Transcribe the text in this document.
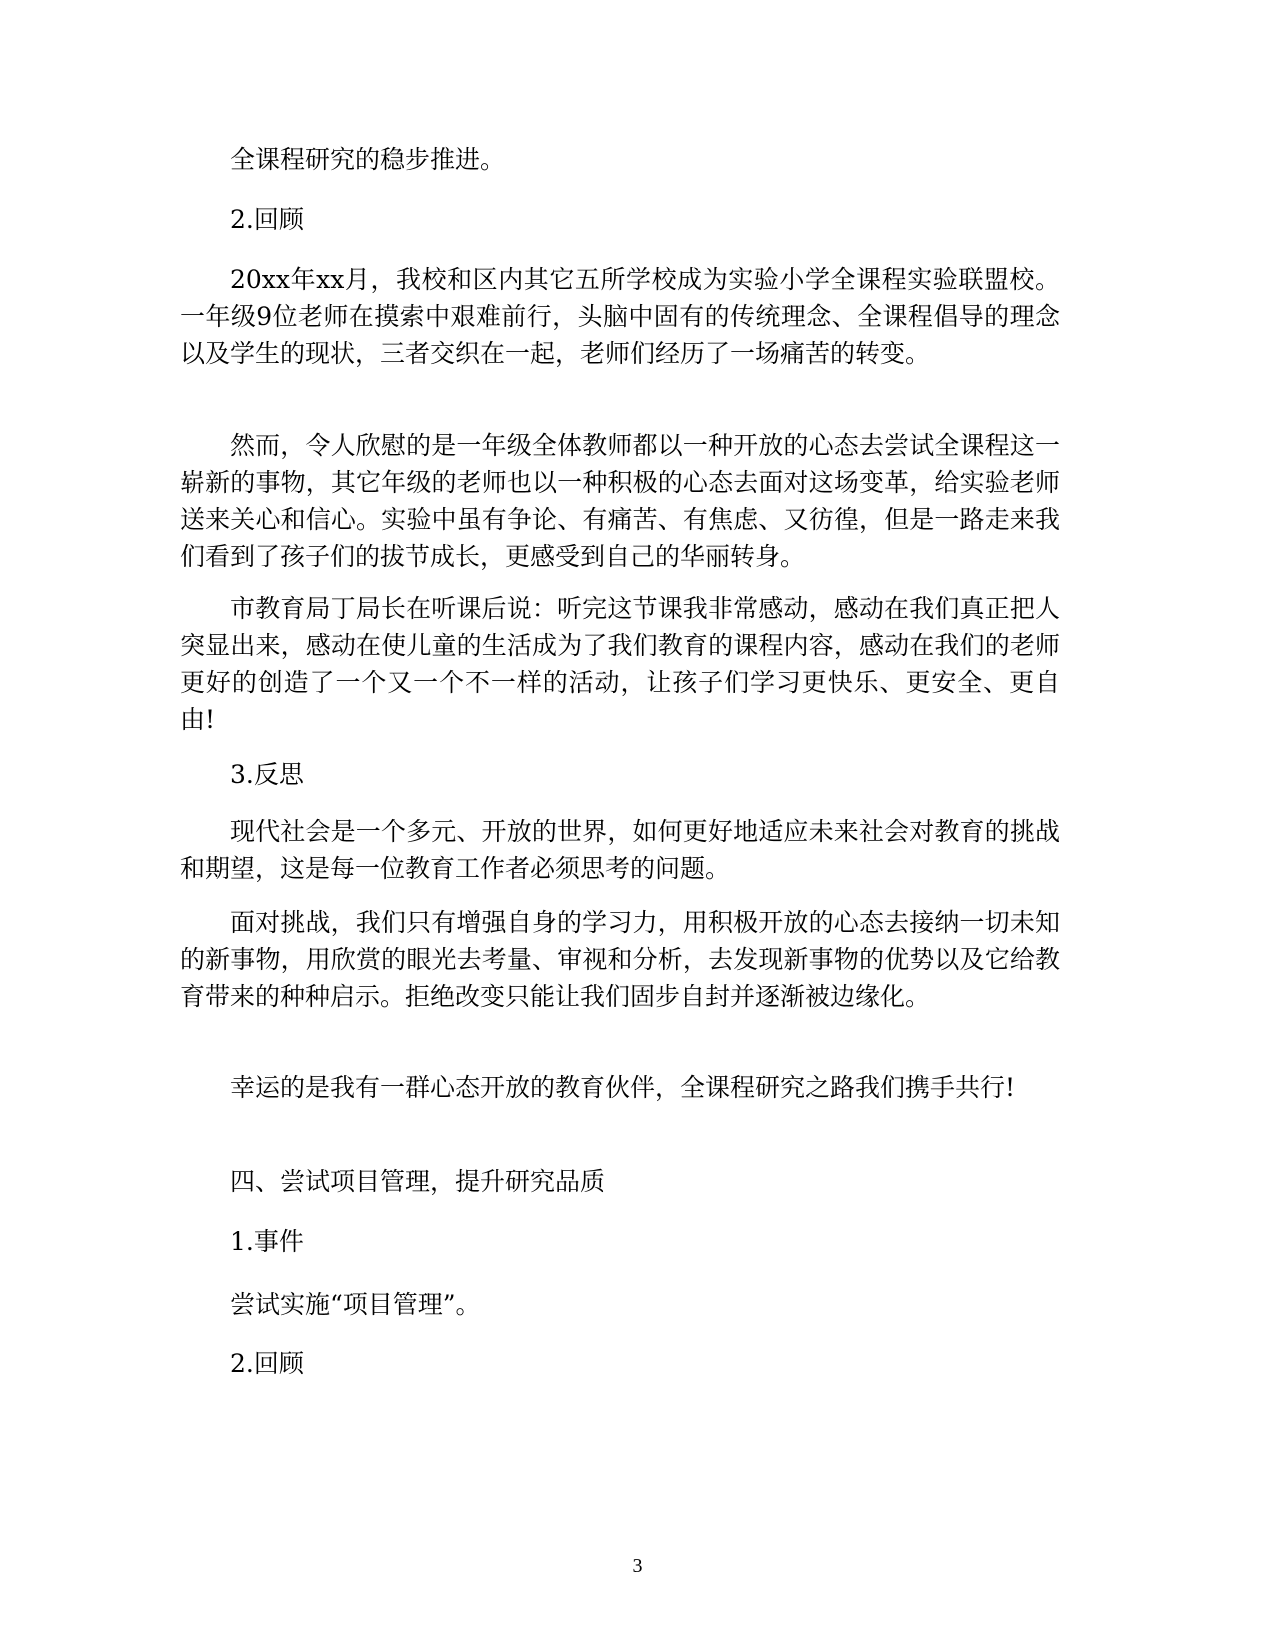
全课程研究的稳步推进。

2.回顾

20xx年xx月，我校和区内其它五所学校成为实验小学全课程实验联盟校。一年级9位老师在摸索中艰难前行，头脑中固有的传统理念、全课程倡导的理念以及学生的现状，三者交织在一起，老师们经历了一场痛苦的转变。

然而，令人欣慰的是一年级全体教师都以一种开放的心态去尝试全课程这一崭新的事物，其它年级的老师也以一种积极的心态去面对这场变革，给实验老师送来关心和信心。实验中虽有争论、有痛苦、有焦虑、又彷徨，但是一路走来我们看到了孩子们的拔节成长，更感受到自己的华丽转身。

市教育局丁局长在听课后说：听完这节课我非常感动，感动在我们真正把人突显出来，感动在使儿童的生活成为了我们教育的课程内容，感动在我们的老师更好的创造了一个又一个不一样的活动，让孩子们学习更快乐、更安全、更自由!

3.反思

现代社会是一个多元、开放的世界，如何更好地适应未来社会对教育的挑战和期望，这是每一位教育工作者必须思考的问题。

面对挑战，我们只有增强自身的学习力，用积极开放的心态去接纳一切未知的新事物，用欣赏的眼光去考量、审视和分析，去发现新事物的优势以及它给教育带来的种种启示。拒绝改变只能让我们固步自封并逐渐被边缘化。

幸运的是我有一群心态开放的教育伙伴，全课程研究之路我们携手共行!

四、尝试项目管理，提升研究品质

1.事件

尝试实施“项目管理”。

2.回顾

3
